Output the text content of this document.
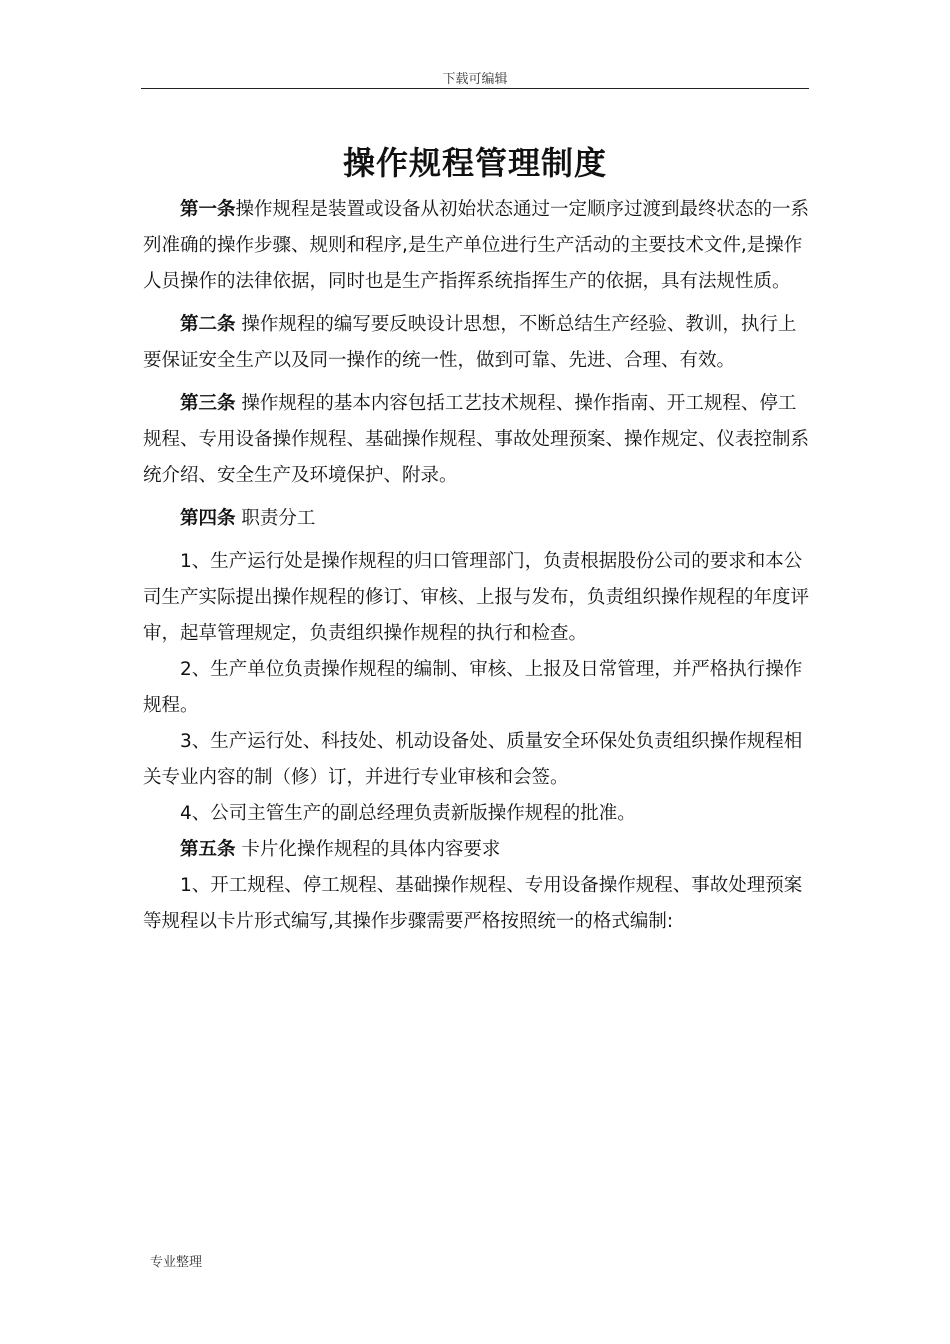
下载可编辑
操作规程管理制度

第一条操作规程是装置或设备从初始状态通过一定顺序过渡到最终状态的一系列准确的操作步骤、规则和程序,是生产单位进行生产活动的主要技术文件,是操作人员操作的法律依据，同时也是生产指挥系统指挥生产的依据，具有法规性质。

第二条 操作规程的编写要反映设计思想，不断总结生产经验、教训，执行上要保证安全生产以及同一操作的统一性，做到可靠、先进、合理、有效。

第三条 操作规程的基本内容包括工艺技术规程、操作指南、开工规程、停工规程、专用设备操作规程、基础操作规程、事故处理预案、操作规定、仪表控制系统介绍、安全生产及环境保护、附录。

第四条 职责分工

1、生产运行处是操作规程的归口管理部门，负责根据股份公司的要求和本公司生产实际提出操作规程的修订、审核、上报与发布，负责组织操作规程的年度评审，起草管理规定，负责组织操作规程的执行和检查。

2、生产单位负责操作规程的编制、审核、上报及日常管理，并严格执行操作规程。

3、生产运行处、科技处、机动设备处、质量安全环保处负责组织操作规程相关专业内容的制（修）订，并进行专业审核和会签。

4、公司主管生产的副总经理负责新版操作规程的批准。

第五条 卡片化操作规程的具体内容要求

1、开工规程、停工规程、基础操作规程、专用设备操作规程、事故处理预案等规程以卡片形式编写,其操作步骤需要严格按照统一的格式编制:

专业整理
